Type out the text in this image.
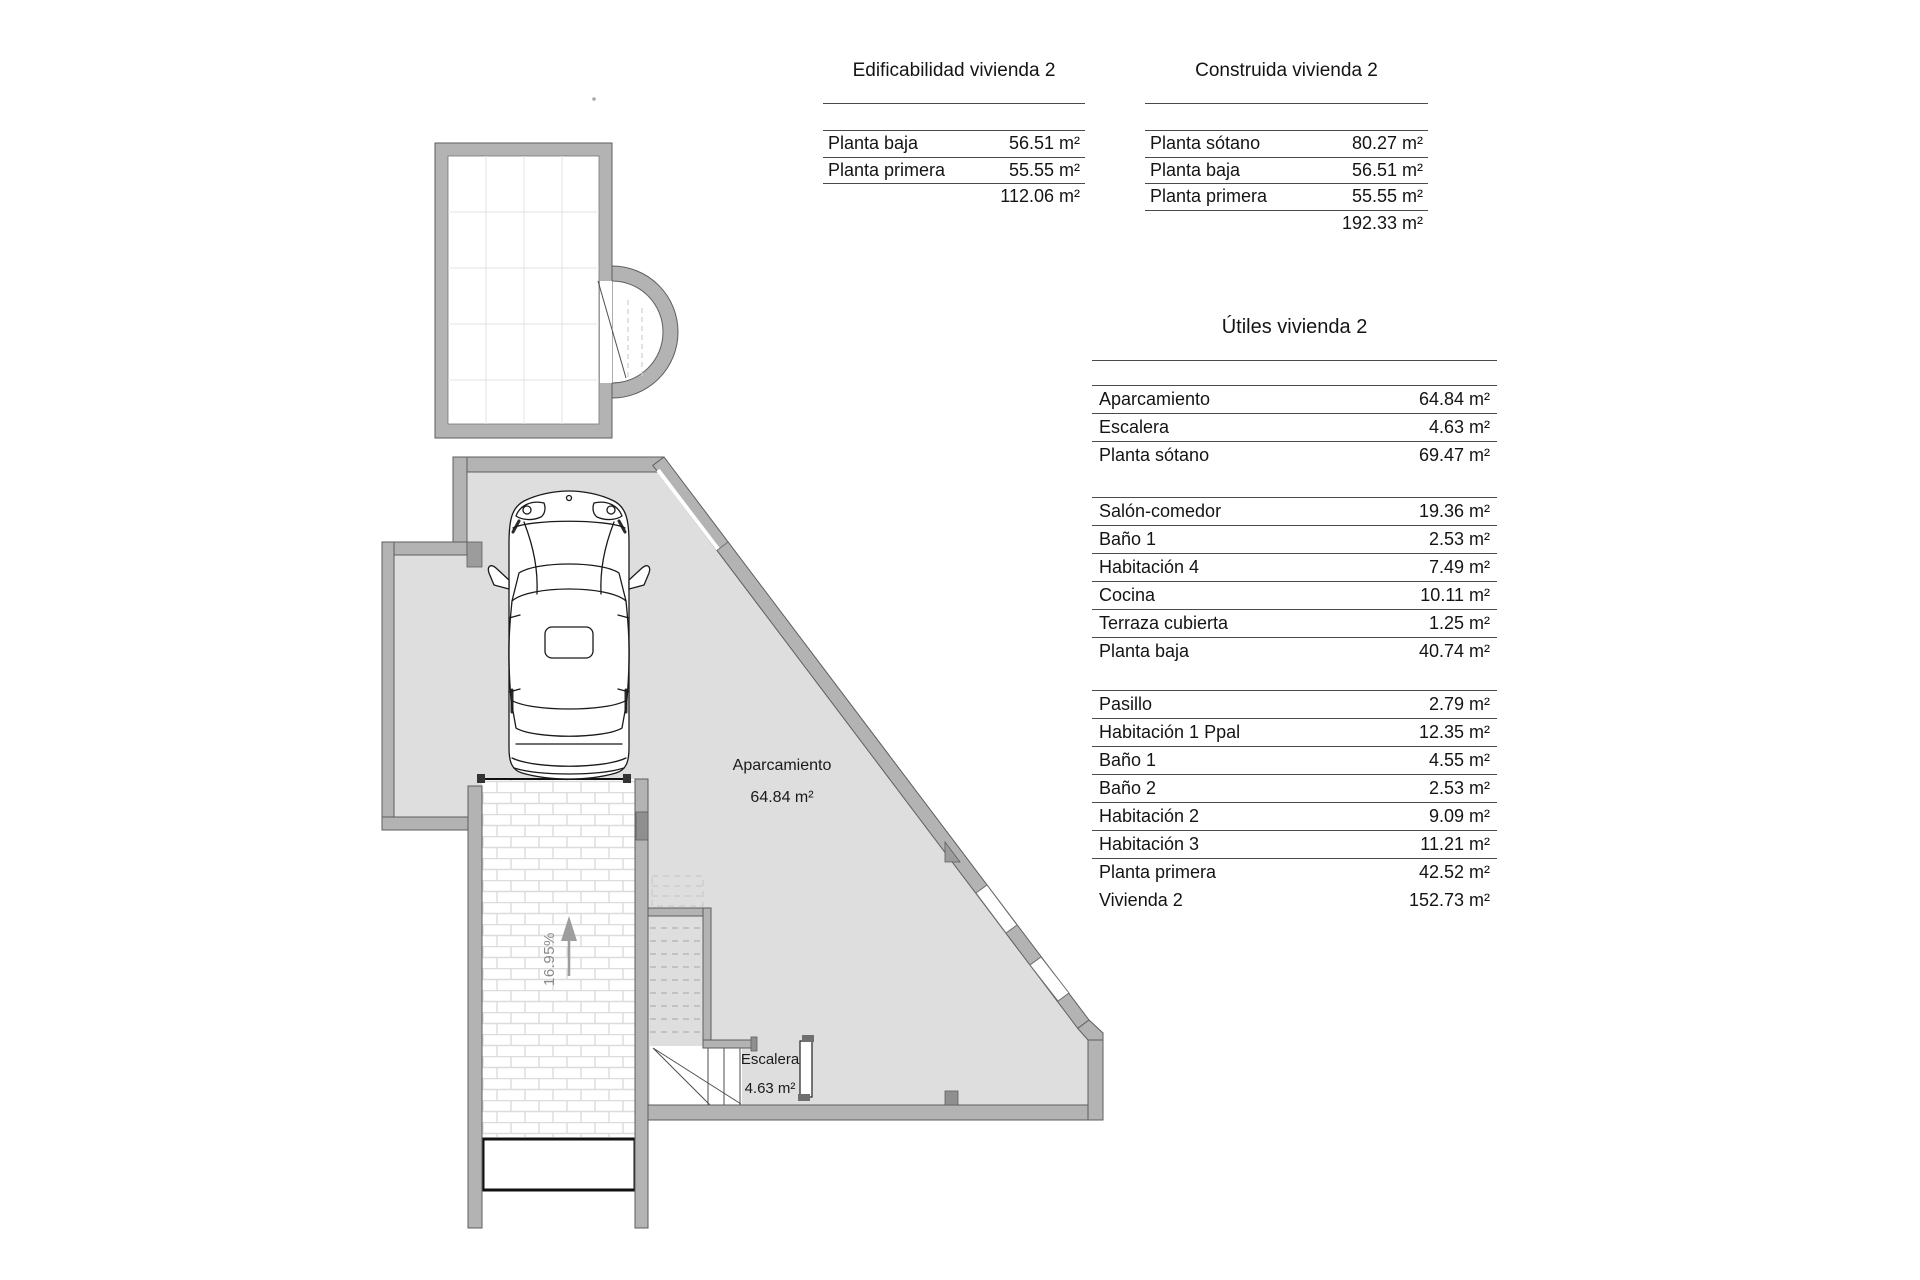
Aparcamiento
64.84 m²
Escalera
4.63 m²
16.95%
Edificabilidad vivienda 2
Planta baja	56.51 m²
Planta primera	55.55 m²
112.06 m²
Construida vivienda 2
Planta sótano	80.27 m²
Planta baja	56.51 m²
Planta primera	55.55 m²
192.33 m²
Útiles vivienda 2
Aparcamiento	64.84 m²
Escalera	4.63 m²
Planta sótano	69.47 m²
Salón-comedor	19.36 m²
Baño 1	2.53 m²
Habitación 4	7.49 m²
Cocina	10.11 m²
Terraza cubierta	1.25 m²
Planta baja	40.74 m²
Pasillo	2.79 m²
Habitación 1 Ppal	12.35 m²
Baño 1	4.55 m²
Baño 2	2.53 m²
Habitación 2	9.09 m²
Habitación 3	11.21 m²
Planta primera	42.52 m²
Vivienda 2	152.73 m²
